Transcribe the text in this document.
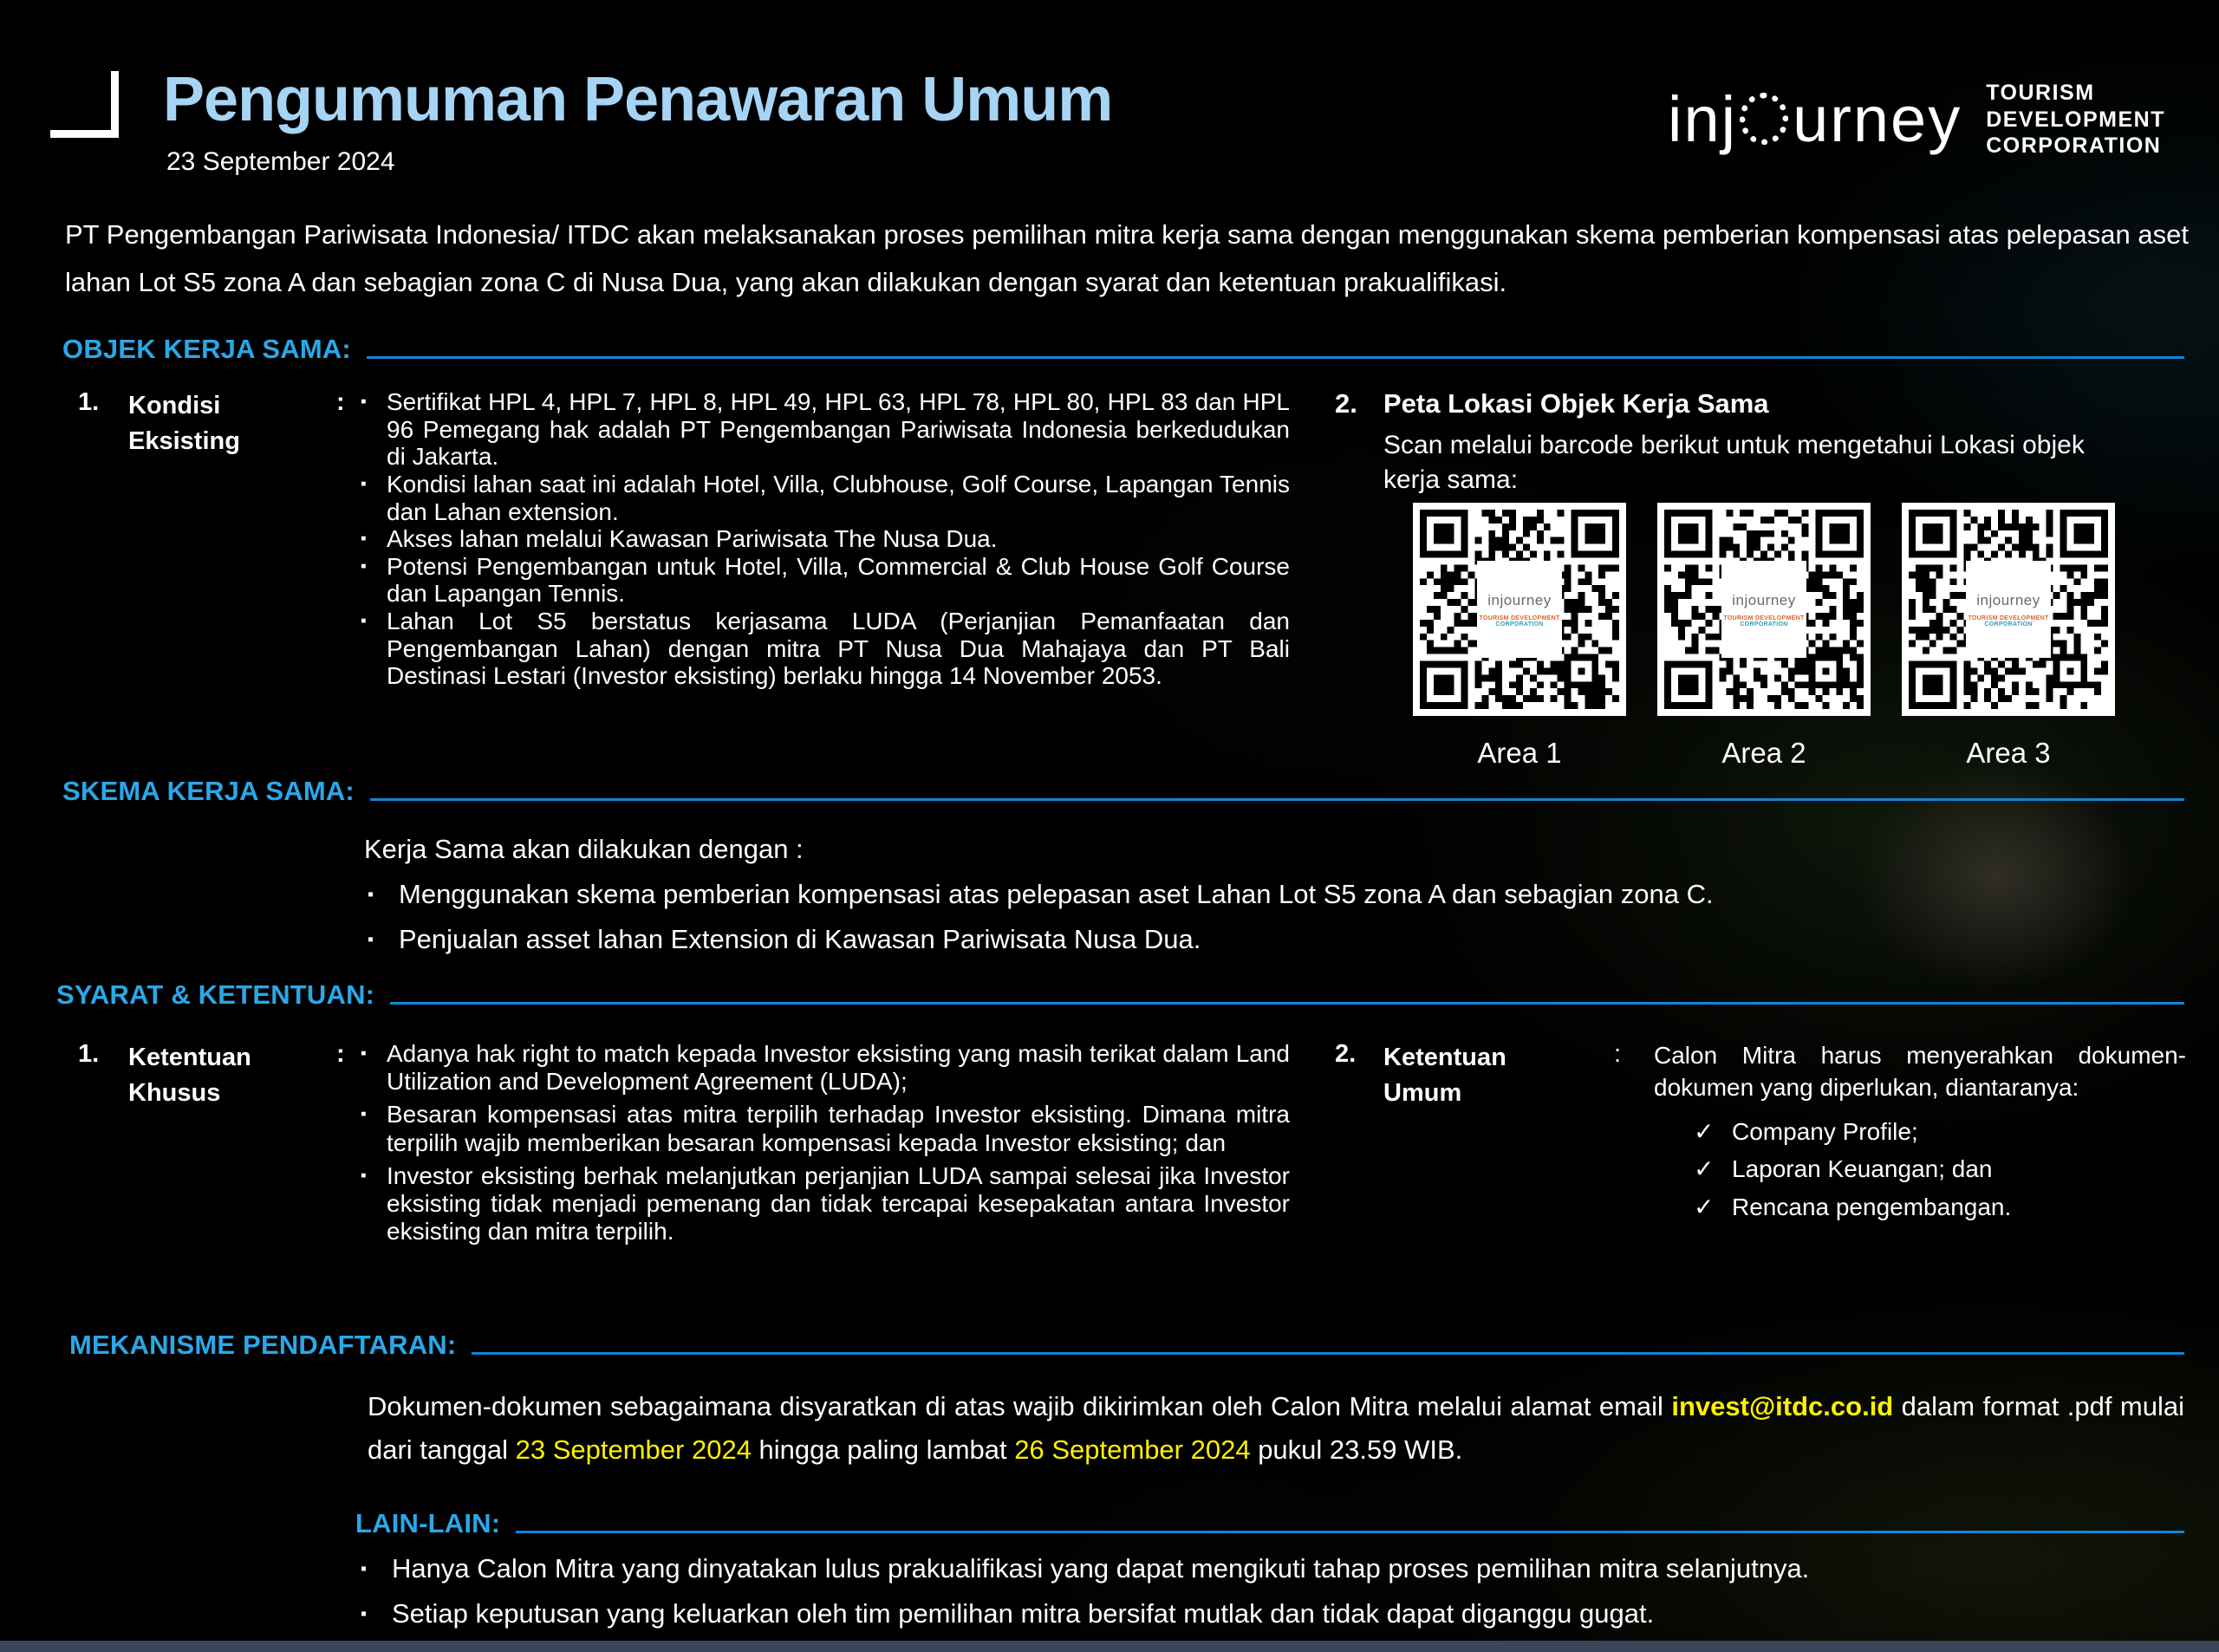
Pengumuman Penawaran Umum
23 September 2024
inj urney TOURISM
DEVELOPMENT
CORPORATION

PT Pengembangan Pariwisata Indonesia/ ITDC akan melaksanakan proses pemilihan mitra kerja sama dengan menggunakan skema pemberian kompensasi atas pelepasan aset lahan Lot S5 zona A dan sebagian zona C di Nusa Dua, yang akan dilakukan dengan syarat dan ketentuan prakualifikasi.

OBJEK KERJA SAMA:
1. Kondisi
Eksisting
: ▪ Sertifikat HPL 4, HPL 7, HPL 8, HPL 49, HPL 63, HPL 78, HPL 80, HPL 83 dan HPL 96 Pemegang hak adalah PT Pengembangan Pariwisata Indonesia berkedudukan di Jakarta.
▪ Kondisi lahan saat ini adalah Hotel, Villa, Clubhouse, Golf Course, Lapangan Tennis dan Lahan extension.
▪ Akses lahan melalui Kawasan Pariwisata The Nusa Dua.
▪ Potensi Pengembangan untuk Hotel, Villa, Commercial & Club House Golf Course dan Lapangan Tennis.
▪ Lahan Lot S5 berstatus kerjasama LUDA (Perjanjian Pemanfaatan dan Pengembangan Lahan) dengan mitra PT Nusa Dua Mahajaya dan PT Bali Destinasi Lestari (Investor eksisting) berlaku hingga 14 November 2053.
2. Peta Lokasi Objek Kerja Sama
Scan melalui barcode berikut untuk mengetahui Lokasi objek kerja sama:
injourney
TOURISM DEVELOPMENT
CORPORATION
injourney
TOURISM DEVELOPMENT
CORPORATION
injourney
TOURISM DEVELOPMENT
CORPORATION
Area 1	Area 2	Area 3
SKEMA KERJA SAMA:
Kerja Sama akan dilakukan dengan :
▪ Menggunakan skema pemberian kompensasi atas pelepasan aset Lahan Lot S5 zona A dan sebagian zona C.
▪ Penjualan asset lahan Extension di Kawasan Pariwisata Nusa Dua.
SYARAT & KETENTUAN:
1. Ketentuan
Khusus
: ▪ Adanya hak right to match kepada Investor eksisting yang masih terikat dalam Land Utilization and Development Agreement (LUDA);
▪ Besaran kompensasi atas mitra terpilih terhadap Investor eksisting. Dimana mitra terpilih wajib memberikan besaran kompensasi kepada Investor eksisting; dan
▪ Investor eksisting berhak melanjutkan perjanjian LUDA sampai selesai jika Investor eksisting tidak menjadi pemenang dan tidak tercapai kesepakatan antara Investor eksisting dan mitra terpilih.
2. Ketentuan
Umum
: Calon Mitra harus menyerahkan dokumen-dokumen yang diperlukan, diantaranya:
✓ Company Profile;
✓ Laporan Keuangan; dan
✓ Rencana pengembangan.
MEKANISME PENDAFTARAN:

Dokumen-dokumen sebagaimana disyaratkan di atas wajib dikirimkan oleh Calon Mitra melalui alamat email invest@itdc.co.id dalam format .pdf mulai dari tanggal 23 September 2024 hingga paling lambat 26 September 2024 pukul 23.59 WIB.

LAIN-LAIN:
▪ Hanya Calon Mitra yang dinyatakan lulus prakualifikasi yang dapat mengikuti tahap proses pemilihan mitra selanjutnya.
▪ Setiap keputusan yang keluarkan oleh tim pemilihan mitra bersifat mutlak dan tidak dapat diganggu gugat.
